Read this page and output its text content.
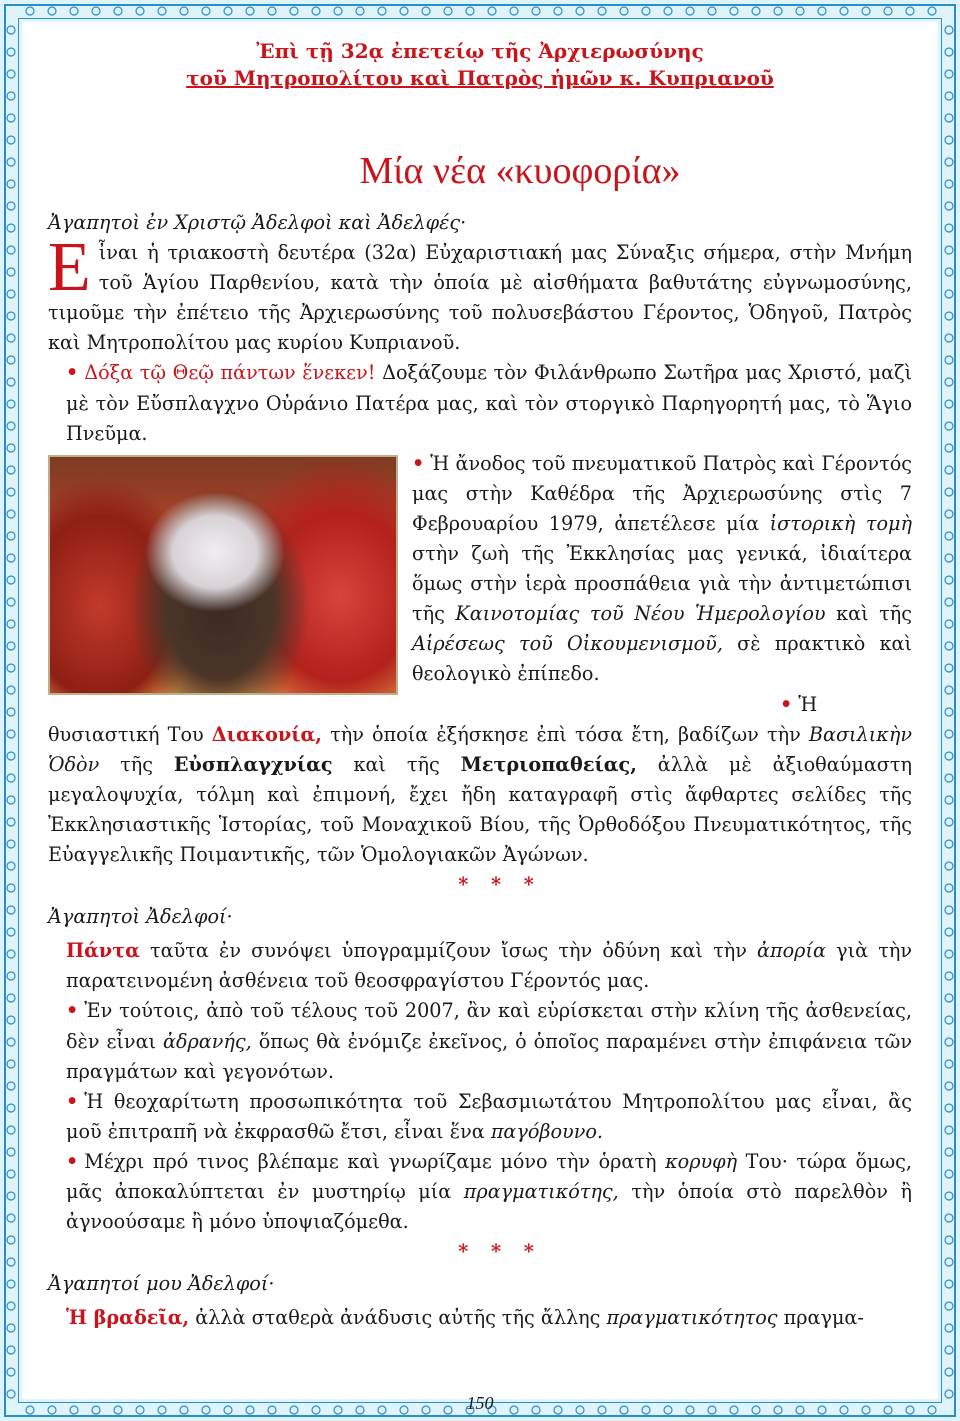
Ἐπὶ τῇ 32ᾳ ἐπετείῳ τῆς Ἀρχιερωσύνης
τοῦ Μητροπολίτου καὶ Πατρὸς ἡμῶν κ. Κυπριανοῦ
Μία νέα «κυοφορία»
Ἀγαπητοὶ ἐν Χριστῷ Ἀδελφοὶ καὶ Ἀδελφές·

Εἶναι ἡ τριακοστὴ δευτέρα (32α) Εὐχαριστιακή μας Σύναξις σήμερα, στὴν Μνήμη τοῦ Ἁγίου Παρθενίου, κατὰ τὴν ὁποία μὲ αἰσθήματα βαθυτάτης εὐγνωμοσύνης, τιμοῦμε τὴν ἐπέτειο τῆς Ἀρχιερωσύνης τοῦ πολυσεβάστου Γέροντος, Ὁδηγοῦ, Πατρὸς καὶ Μητροπολίτου μας κυρίου Κυπριανοῦ.

• Δόξα τῷ Θεῷ πάντων ἕνεκεν! Δοξάζουμε τὸν Φιλάνθρωπο Σωτῆρα μας Χριστό, μαζὶ μὲ τὸν Εὔσπλαγχνο Οὐράνιο Πατέρα μας, καὶ τὸν στοργικὸ Παρηγορητή μας, τὸ Ἅγιο Πνεῦμα.

• Ἡ ἄνοδος τοῦ πνευματικοῦ Πατρὸς καὶ Γέροντός μας στὴν Καθέδρα τῆς Ἀρχιερωσύνης στὶς 7 Φεβρουαρίου 1979, ἀπετέλεσε μία ἱστορικὴ τομὴ στὴν ζωὴ τῆς Ἐκκλησίας μας γενικά, ἰδιαίτερα ὅμως στὴν ἱερὰ προσπάθεια γιὰ τὴν ἀντιμετώπισι τῆς Καινοτομίας τοῦ Νέου Ἡμερολογίου καὶ τῆς Αἱρέσεως τοῦ Οἰκουμενισμοῦ, σὲ πρακτικὸ καὶ θεολογικὸ ἐπίπεδο.

• Ἡ θυσιαστική Του Διακονία, τὴν ὁποία ἐξήσκησε ἐπὶ τόσα ἔτη, βαδίζων τὴν Βασιλικὴν Ὁδὸν τῆς Εὐσπλαγχνίας καὶ τῆς Μετριοπαθείας, ἀλλὰ μὲ ἀξιοθαύμαστη μεγαλοψυχία, τόλμη καὶ ἐπιμονή, ἔχει ἤδη καταγραφῆ στὶς ἄφθαρτες σελίδες τῆς Ἐκκλησιαστικῆς Ἱστορίας, τοῦ Μοναχικοῦ Βίου, τῆς Ὀρθοδόξου Πνευματικότητος, τῆς Εὐαγγελικῆς Ποιμαντικῆς, τῶν Ὁμολογιακῶν Ἀγώνων.

* * *
Ἀγαπητοὶ Ἀδελφοί·

Πάντα ταῦτα ἐν συνόψει ὑπογραμμίζουν ἴσως τὴν ὀδύνη καὶ τὴν ἀπορία γιὰ τὴν παρατεινομένη ἀσθένεια τοῦ θεοσφραγίστου Γέροντός μας.

• Ἐν τούτοις, ἀπὸ τοῦ τέλους τοῦ 2007, ἂν καὶ εὑρίσκεται στὴν κλίνη τῆς ἀσθενείας, δὲν εἶναι ἀδρανής, ὅπως θὰ ἐνόμιζε ἐκεῖνος, ὁ ὁποῖος παραμένει στὴν ἐπιφάνεια τῶν πραγμάτων καὶ γεγονότων.

• Ἡ θεοχαρίτωτη προσωπικότητα τοῦ Σεβασμιωτάτου Μητροπολίτου μας εἶναι, ἂς μοῦ ἐπιτραπῆ νὰ ἐκφρασθῶ ἔτσι, εἶναι ἕνα παγόβουνο.

• Μέχρι πρό τινος βλέπαμε καὶ γνωρίζαμε μόνο τὴν ὁρατὴ κορυφὴ Του· τώρα ὅμως, μᾶς ἀποκαλύπτεται ἐν μυστηρίῳ μία πραγματικότης, τὴν ὁποία στὸ παρελθὸν ἢ ἀγνοούσαμε ἢ μόνο ὑποψιαζόμεθα.

* * *
Ἀγαπητοί μου Ἀδελφοί·

Ἡ βραδεῖα, ἀλλὰ σταθερὰ ἀνάδυσις αὐτῆς τῆς ἄλλης πραγματικότητος πραγμα-

150
